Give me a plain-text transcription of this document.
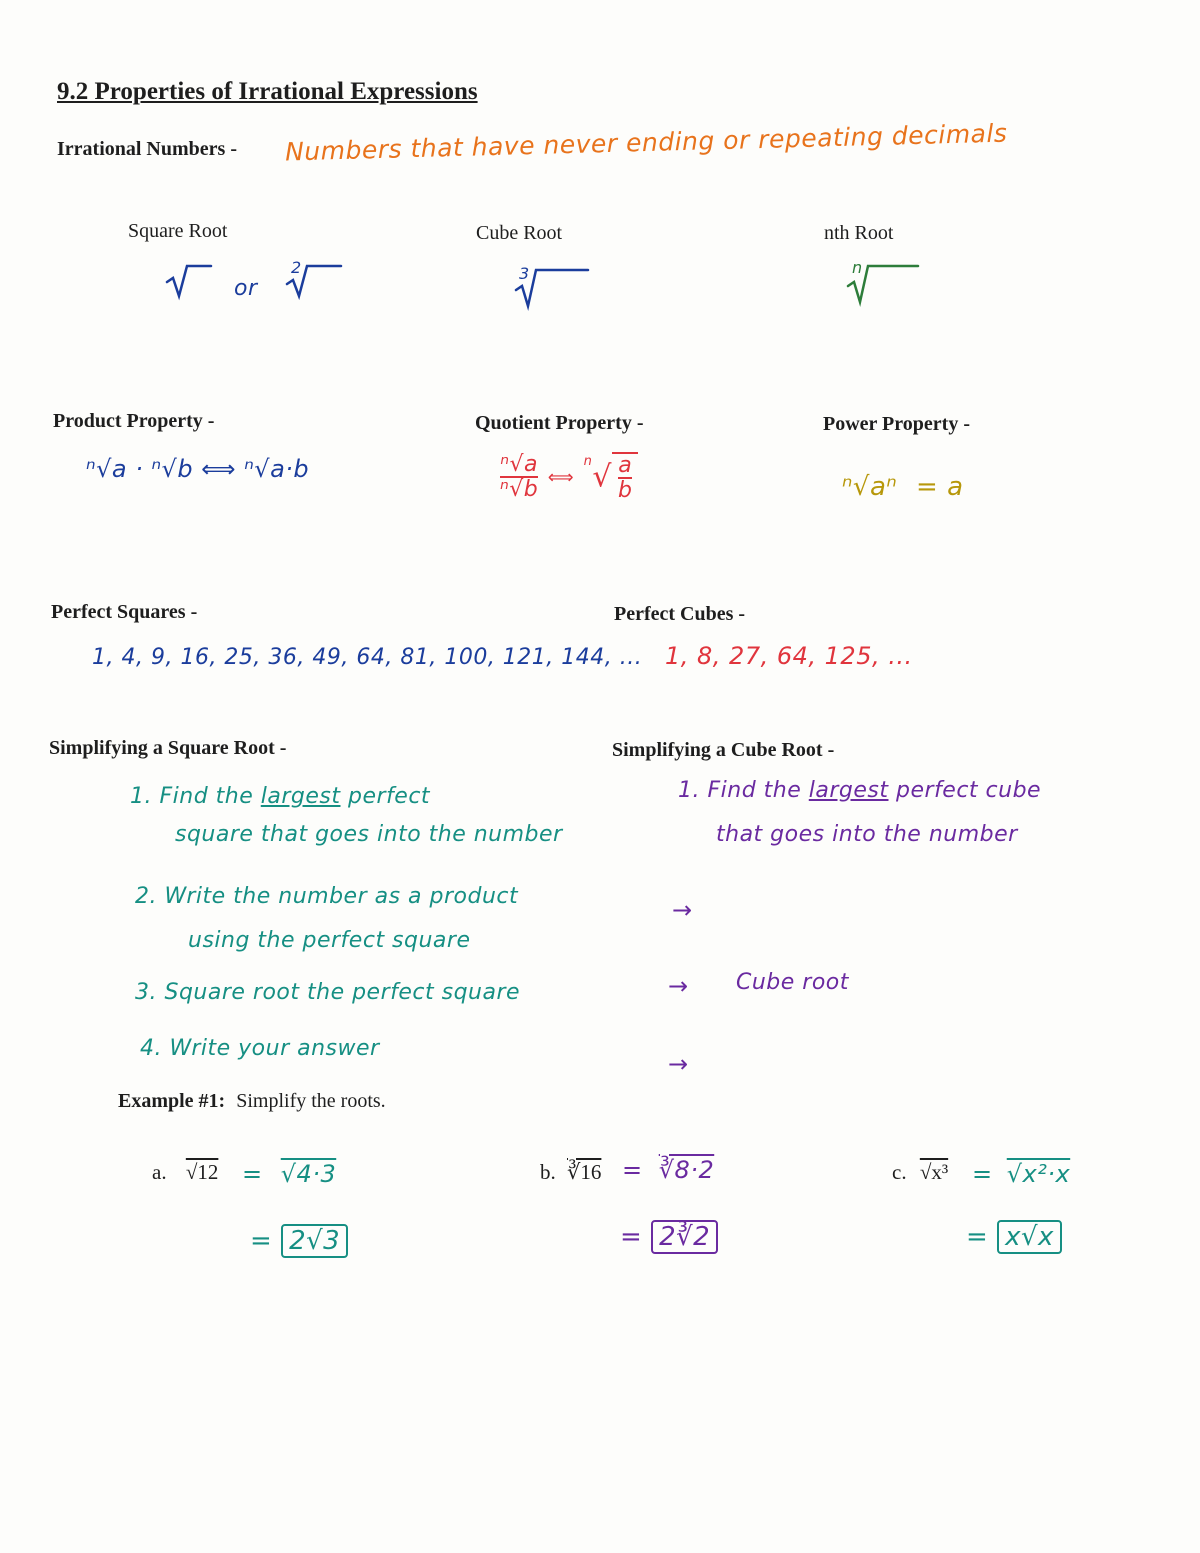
9.2 Properties of Irrational Expressions
Irrational Numbers - Numbers that have never ending or repeating decimals
Square Root	Cube Root	nth Root
or
2	3	n
Product Property -
ⁿ√a · ⁿ√b ⟺ ⁿ√a·b
Quotient Property -
$\frac{\text{ⁿ√a}}{\text{ⁿ√b}}$ ⟺ $^n√ \frac{a}{b}$
Power Property -
ⁿ√aⁿ = a
Perfect Squares -
1, 4, 9, 16, 25, 36, 49, 64, 81, 100, 121, 144, ...
Perfect Cubes -
1, 8, 27, 64, 125, ...
Simplifying a Square Root -
1. Find the largest perfect
square that goes into the number
2. Write the number as a product
using the perfect square
3. Square root the perfect square
4. Write your answer
Simplifying a Cube Root -
1. Find the largest perfect cube
that goes into the number
→
→ Cube root
→
Example #1: Simplify the roots.
a. √12 = √4·3
= 2√3
b. ∛16 = ∛8·2
= 2∛2
c. √x³ = √x²·x
= x√x
